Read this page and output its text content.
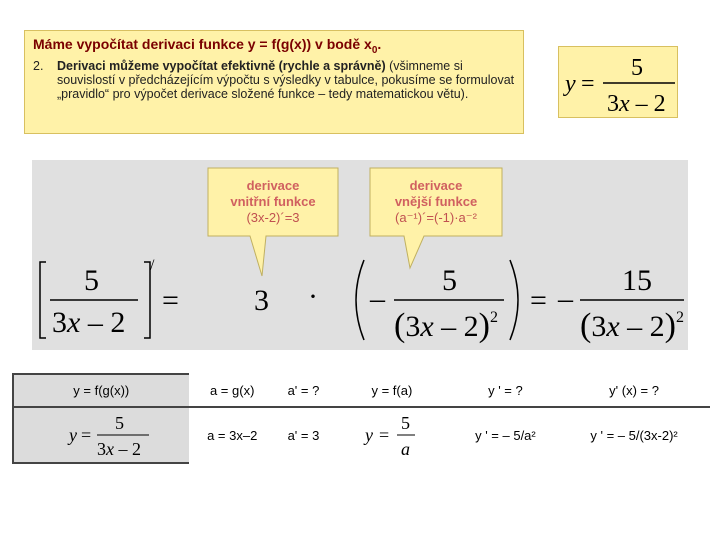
Máme vypočítat derivaci funkce y = f(g(x)) v bodě $x_0$.
2.	Derivaci můžeme vypočítat efektivně (rychle a správně) (všimneme si souvislostí v předcházejícím výpočtu s výsledky v tabulce, pokusíme se formulovat „pravidlo“ pro výpočet derivace složené funkce – tedy matematickou větu).	y =
5
3x – 2
derivace
vnitřní funkce
(3x-2)´=3
derivace
vnější funkce
(a⁻¹)´=(-1)·a⁻²
5
3x – 2
/
=	3 · –
5
(3x – 2)$^2$
= –
15
(3x – 2)$^2$
y = f(g(x))	a = g(x)	a' = ?	y = f(a)	y ' = ?	y' (x) = ?

y =
5
3x – 2	a = 3x–2	a' = 3	y =
5
a	y ' = – 5/a²	y ' = – 5/(3x-2)²
